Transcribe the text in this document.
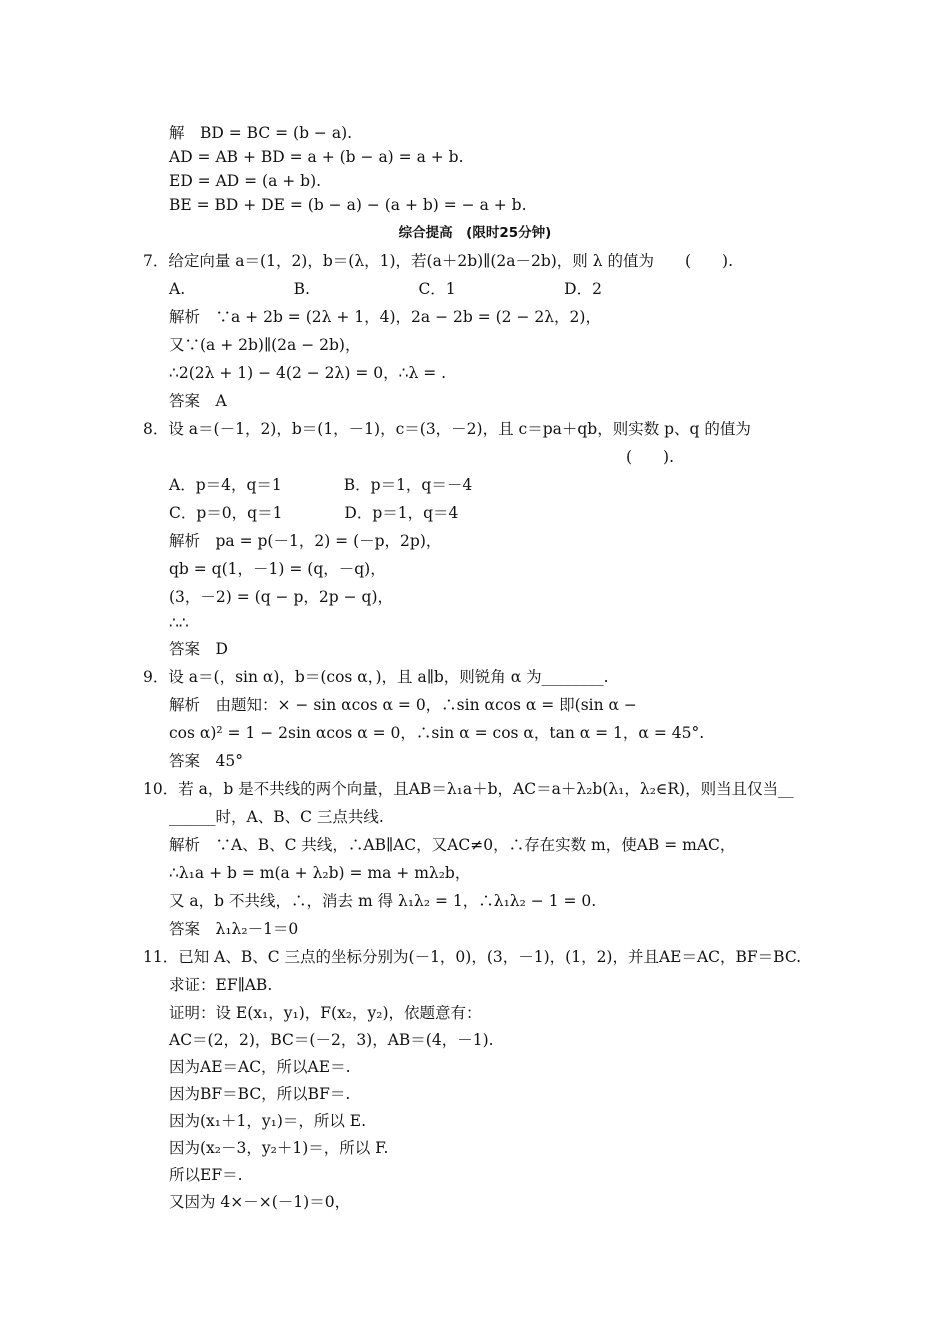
解　BD = BC = (b − a).
AD = AB + BD = a + (b − a) = a + b.
ED = AD = (a + b).
BE = BD + DE = (b − a) − (a + b) = − a + b.
综合提高　(限时25分钟)
7．给定向量 a＝(1，2)，b＝(λ，1)，若(a＋2b)∥(2a－2b)，则 λ 的值为　　(　　).
A.　　　　　　　B.　　　　　　　C．1　　　　　　　D．2
解析　∵a + 2b = (2λ + 1，4)，2a − 2b = (2 − 2λ，2)，
又∵(a + 2b)∥(2a − 2b)，
∴2(2λ + 1) − 4(2 − 2λ) = 0，∴λ = .
答案　A
8．设 a＝(－1，2)，b＝(1，－1)，c＝(3，－2)，且 c＝pa＋qb，则实数 p、q 的值为
(　　).
A．p＝4，q＝1　　　　B．p＝1，q＝－4
C．p＝0，q＝1　　　　D．p＝1，q＝4
解析　pa = p(－1，2) = (－p，2p)，
qb = q(1，－1) = (q，－q)，
(3，－2) = (q − p，2p − q)，
∴∴
答案　D
9．设 a＝(，sin α)，b＝(cos α，)，且 a∥b，则锐角 α 为________.
解析　由题知：× − sin αcos α = 0，∴sin αcos α = 即(sin α −
cos α)² = 1 − 2sin αcos α = 0，∴sin α = cos α，tan α = 1，α = 45°.
答案　45°
10．若 a，b 是不共线的两个向量，且AB＝λ₁a＋b，AC＝a＋λ₂b(λ₁，λ₂∈R)，则当且仅当__
______时，A、B、C 三点共线.
解析　∵A、B、C 共线，∴AB∥AC，又AC≠0，∴存在实数 m，使AB = mAC，
∴λ₁a + b = m(a + λ₂b) = ma + mλ₂b，
又 a，b 不共线，∴，消去 m 得 λ₁λ₂ = 1，∴λ₁λ₂ − 1 = 0.
答案　λ₁λ₂－1＝0
11．已知 A、B、C 三点的坐标分别为(－1，0)，(3，－1)，(1，2)，并且AE＝AC，BF＝BC.
求证：EF∥AB.
证明：设 E(x₁，y₁)，F(x₂，y₂)，依题意有：
AC＝(2，2)，BC＝(－2，3)，AB＝(4，－1).
因为AE＝AC，所以AE＝.
因为BF＝BC，所以BF＝.
因为(x₁＋1，y₁)＝，所以 E.
因为(x₂－3，y₂＋1)＝，所以 F.
所以EF＝.
又因为 4×－×(－1)＝0，
